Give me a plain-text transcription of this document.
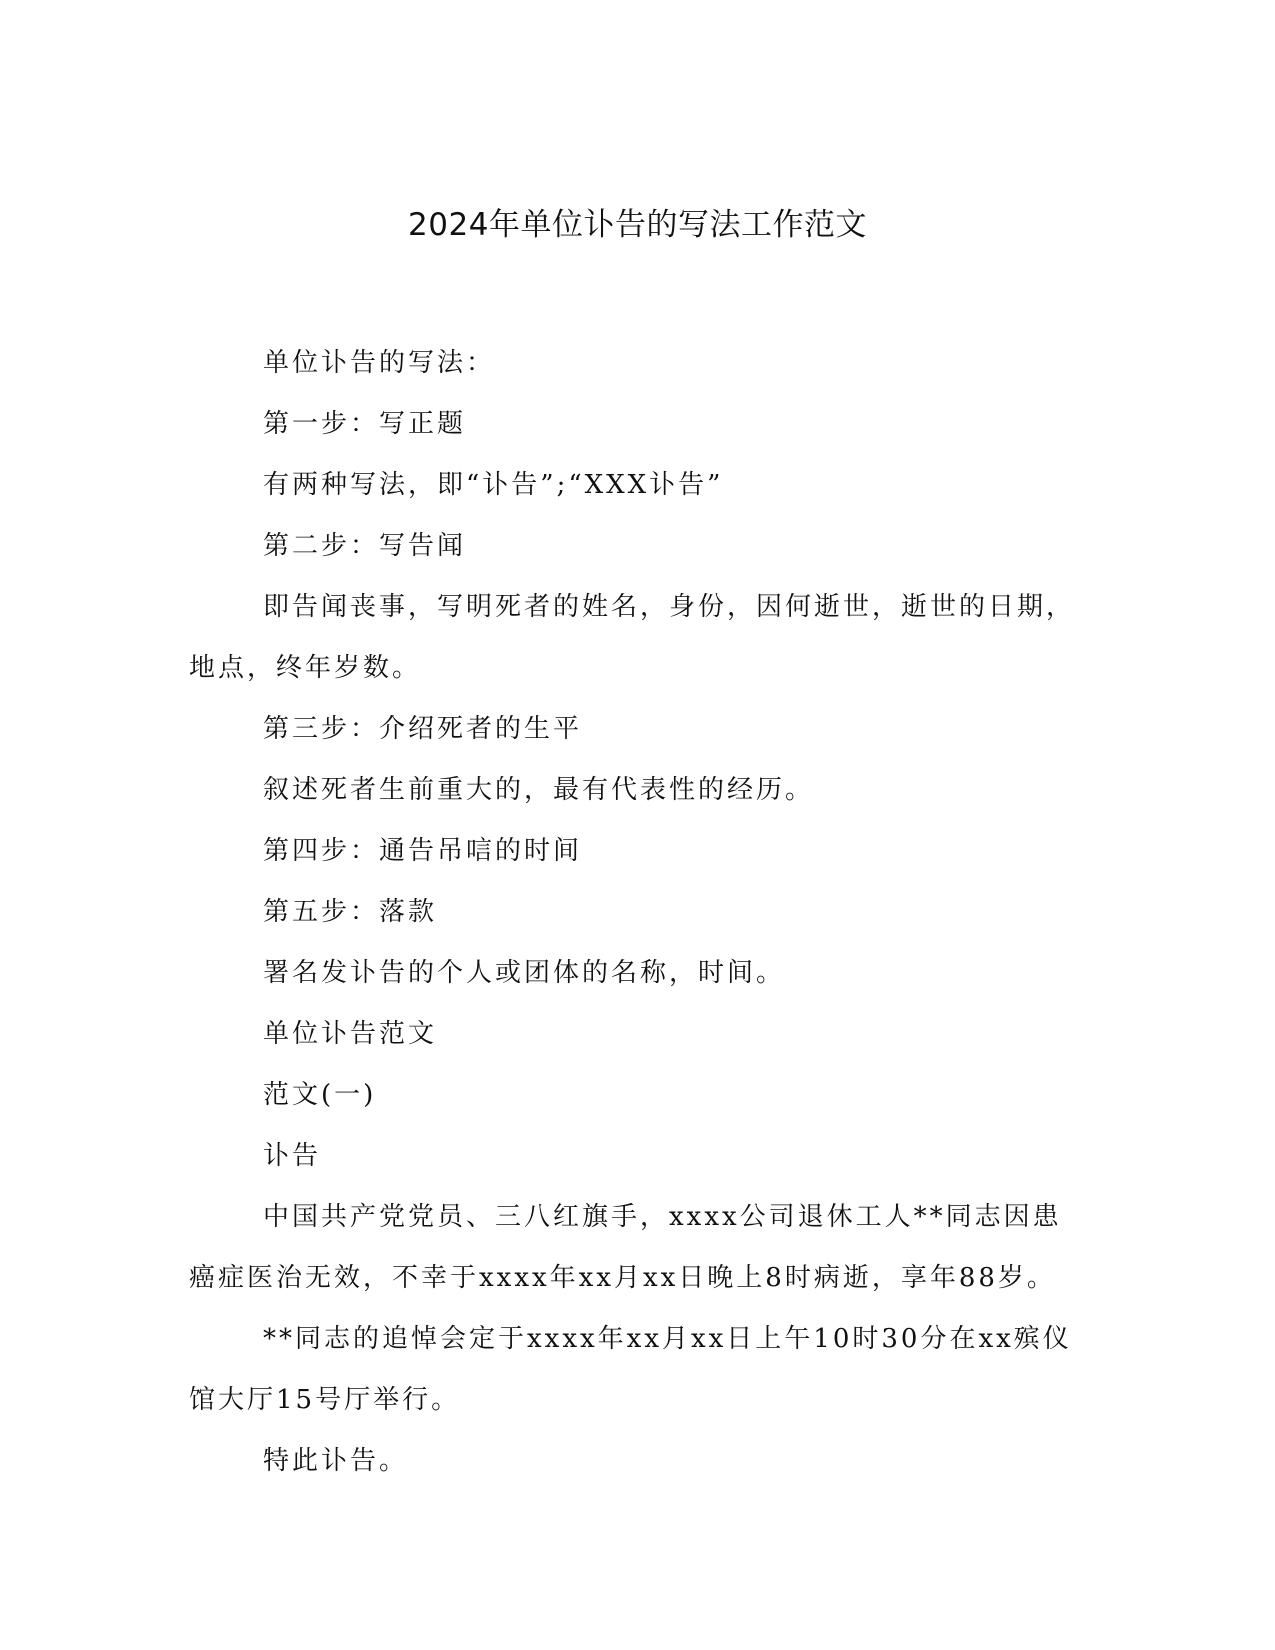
2024年单位讣告的写法工作范文

单位讣告的写法：

第一步：写正题

有两种写法，即“讣告”;“XXX讣告”

第二步：写告闻

即告闻丧事，写明死者的姓名，身份，因何逝世，逝世的日期，地点，终年岁数。

第三步：介绍死者的生平

叙述死者生前重大的，最有代表性的经历。

第四步：通告吊唁的时间

第五步：落款

署名发讣告的个人或团体的名称，时间。

单位讣告范文

范文(一)

讣告

中国共产党党员、三八红旗手，xxxx公司退休工人**同志因患癌症医治无效，不幸于xxxx年xx月xx日晚上8时病逝，享年88岁。

**同志的追悼会定于xxxx年xx月xx日上午10时30分在xx殡仪馆大厅15号厅举行。

特此讣告。
